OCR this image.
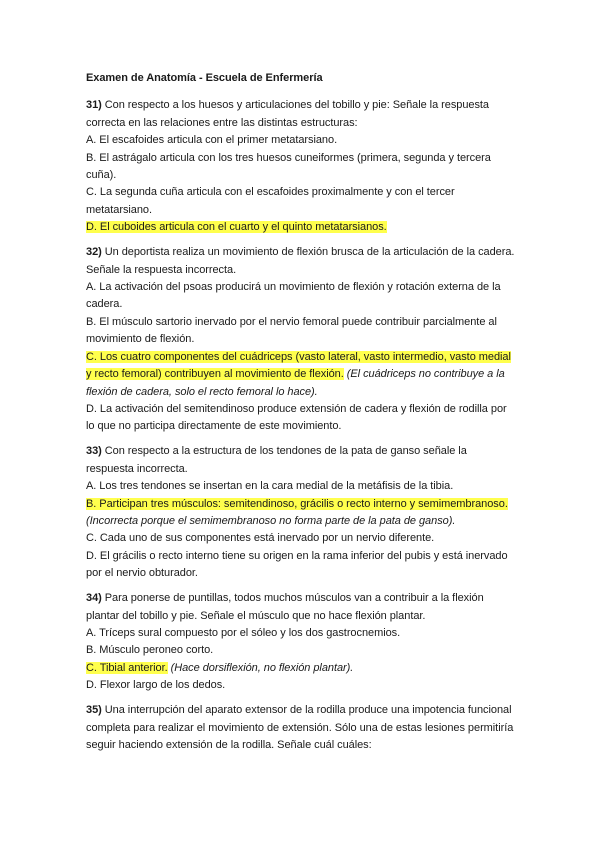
Examen de Anatomía - Escuela de Enfermería

31) Con respecto a los huesos y articulaciones del tobillo y pie: Señale la respuesta correcta en las relaciones entre las distintas estructuras:

A. El escafoides articula con el primer metatarsiano.

B. El astrágalo articula con los tres huesos cuneiformes (primera, segunda y tercera cuña).

C. La segunda cuña articula con el escafoides proximalmente y con el tercer metatarsiano.

D. El cuboides articula con el cuarto y el quinto metatarsianos.

32) Un deportista realiza un movimiento de flexión brusca de la articulación de la cadera. Señale la respuesta incorrecta.

A. La activación del psoas producirá un movimiento de flexión y rotación externa de la cadera.

B. El músculo sartorio inervado por el nervio femoral puede contribuir parcialmente al movimiento de flexión.

C. Los cuatro componentes del cuádriceps (vasto lateral, vasto intermedio, vasto medial y recto femoral) contribuyen al movimiento de flexión. (El cuádriceps no contribuye a la flexión de cadera, solo el recto femoral lo hace).

D. La activación del semitendinoso produce extensión de cadera y flexión de rodilla por lo que no participa directamente de este movimiento.

33) Con respecto a la estructura de los tendones de la pata de ganso señale la respuesta incorrecta.

A. Los tres tendones se insertan en la cara medial de la metáfisis de la tibia.

B. Participan tres músculos: semitendinoso, grácilis o recto interno y semimembranoso. (Incorrecta porque el semimembranoso no forma parte de la pata de ganso).

C. Cada uno de sus componentes está inervado por un nervio diferente.

D. El grácilis o recto interno tiene su origen en la rama inferior del pubis y está inervado por el nervio obturador.

34) Para ponerse de puntillas, todos muchos músculos van a contribuir a la flexión plantar del tobillo y pie. Señale el músculo que no hace flexión plantar.

A. Tríceps sural compuesto por el sóleo y los dos gastrocnemios.

B. Músculo peroneo corto.

C. Tibial anterior. (Hace dorsiflexión, no flexión plantar).

D. Flexor largo de los dedos.

35) Una interrupción del aparato extensor de la rodilla produce una impotencia funcional completa para realizar el movimiento de extensión. Sólo una de estas lesiones permitiría seguir haciendo extensión de la rodilla. Señale cuál cuáles:
